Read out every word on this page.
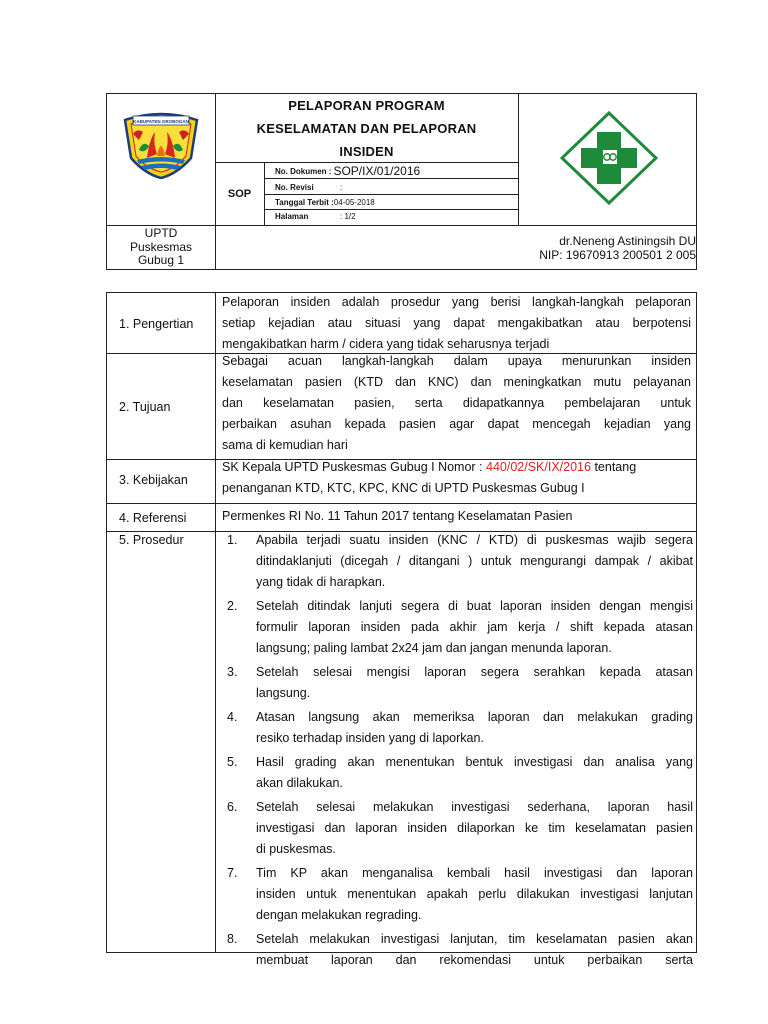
KABUPATEN GROBOGAN
PELAPORAN PROGRAM
KESELAMATAN DAN PELAPORAN
INSIDEN
SOP
No. Dokumen : SOP/IX/01/2016
No. Revisi	:
Tanggal Terbit : 04-05-2018
Halaman	: 1/2
UPTD
Puskesmas
Gubug 1
dr.Neneng Astiningsih DU
NIP: 19670913 200501 2 005
1. Pengertian
Pelaporan insiden adalah prosedur yang berisi langkah-langkah pelaporan
setiap kejadian atau situasi yang dapat mengakibatkan atau berpotensi
mengakibatkan harm / cidera yang tidak seharusnya terjadi
2. Tujuan
Sebagai acuan langkah-langkah dalam upaya menurunkan insiden
keselamatan pasien (KTD dan KNC) dan meningkatkan mutu pelayanan
dan keselamatan pasien, serta didapatkannya pembelajaran untuk
perbaikan asuhan kepada pasien agar dapat mencegah kejadian yang
sama di kemudian hari
3. Kebijakan
SK Kepala UPTD Puskesmas Gubug I Nomor : 440/02/SK/IX/2016 tentang
penanganan KTD, KTC, KPC, KNC di UPTD Puskesmas Gubug I
4. Referensi	Permenkes RI No. 11 Tahun 2017 tentang Keselamatan Pasien
5. Prosedur	1. Apabila terjadi suatu insiden (KNC / KTD) di puskesmas wajib segera
ditindaklanjuti (dicegah / ditangani ) untuk mengurangi dampak / akibat
yang tidak di harapkan.
2. Setelah ditindak lanjuti segera di buat laporan insiden dengan mengisi
formulir laporan insiden pada akhir jam kerja / shift kepada atasan
langsung; paling lambat 2x24 jam dan jangan menunda laporan.
3. Setelah selesai mengisi laporan segera serahkan kepada atasan
langsung.
4. Atasan langsung akan memeriksa laporan dan melakukan grading
resiko terhadap insiden yang di laporkan.
5. Hasil grading akan menentukan bentuk investigasi dan analisa yang
akan dilakukan.
6. Setelah selesai melakukan investigasi sederhana, laporan hasil
investigasi dan laporan insiden dilaporkan ke tim keselamatan pasien
di puskesmas.
7. Tim KP akan menganalisa kembali hasil investigasi dan laporan
insiden untuk menentukan apakah perlu dilakukan investigasi lanjutan
dengan melakukan regrading.
8. Setelah melakukan investigasi lanjutan, tim keselamatan pasien akan
membuat laporan dan rekomendasi untuk perbaikan serta
